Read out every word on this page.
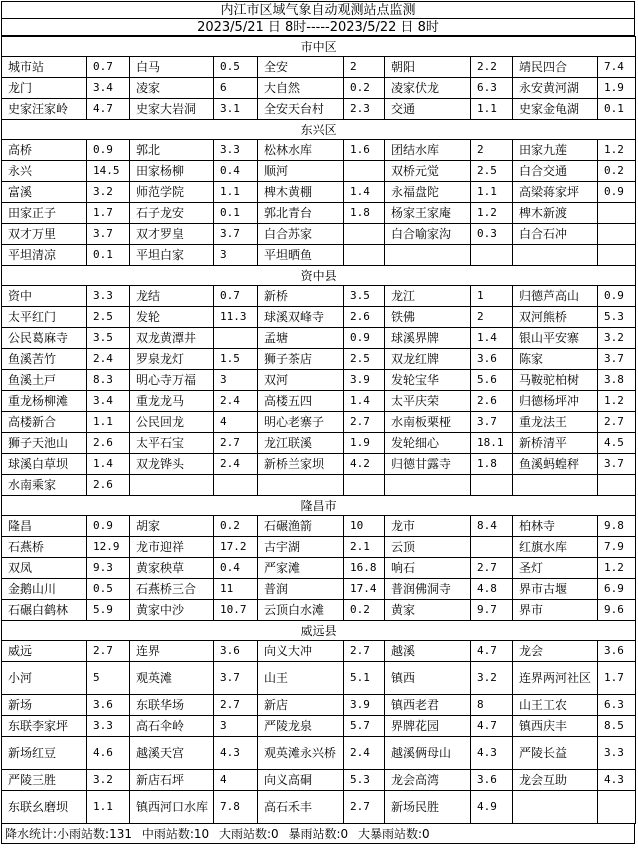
内江市区域气象自动观测站点监测
2023/5/21 日 8时-----2023/5/22 日 8时
市中区									
城市站	0.7	白马	0.5	全安	2	朝阳	2.2	靖民四合	7.4
龙门	3.4	凌家	6	大自然	0.2	凌家伏龙	6.3	永安黄河湖	1.9
史家汪家岭	4.7	史家大岩洞	3.1	全安天台村	2.3	交通	1.1	史家金龟湖	0.1
东兴区									
高桥	0.9	郭北	3.3	松林水库	1.6	团结水库	2	田家九莲	1.2
永兴	14.5	田家杨柳	0.4	顺河		双桥元觉	2.5	白合交通	0.2
富溪	3.2	师范学院	1.1	椑木黄棚	1.4	永福盘陀	1.1	高梁蒋家坪	0.9
田家正子	1.7	石子龙安	0.1	郭北青台	1.8	杨家王家庵	1.2	椑木新渡	
双才万里	3.7	双才罗皇	3.7	白合苏家		白合喻家沟	0.3	白合石冲	
平坦清凉	0.1	平坦白家	3	平坦晒鱼					
资中县									
资中	3.3	龙结	0.7	新桥	3.5	龙江	1	归德芦高山	0.9
太平红门	2.5	发轮	11.3	球溪双峰寺	2.6	铁佛	2	双河熊桥	5.3
公民葛麻寺	3.5	双龙黄潭井		孟塘	0.9	球溪界牌	1.4	银山平安寨	3.2
鱼溪苦竹	2.4	罗泉龙灯	1.5	狮子茶店	2.5	双龙红牌	3.6	陈家	3.7
鱼溪土戸	8.3	明心寺万福	3	双河	3.9	发轮宝华	5.6	马鞍驼柏树	3.8
重龙杨柳滩	3.4	重龙龙马	2.4	高楼五四	1.4	太平庆荣	2.6	归德杨坪冲	1.2
高楼新合	1.1	公民回龙	4	明心老寨子	2.7	水南板栗桠	3.7	重龙法王	2.7
狮子天池山	2.6	太平石宝	2.7	龙江联溪	1.9	发轮细心	18.1	新桥清平	4.5
球溪白草坝	1.4	双龙铧头	2.4	新桥兰家坝	4.2	归德甘露寺	1.8	鱼溪蚂蝗秤	3.7
水南乘家	2.6								
隆昌市									
隆昌	0.9	胡家	0.2	石碾渔箭	10	龙市	8.4	柏林寺	9.8
石燕桥	12.9	龙市迎祥	17.2	古宇湖	2.1	云顶		红旗水库	7.9
双凤	9.3	黄家秧草	0.4	严家滩	16.8	响石	2.7	圣灯	1.2
金鹅山川	0.5	石燕桥三合	11	普润	17.4	普润佛洞寺	4.8	界市古堰	6.9
石碾白鹤林	5.9	黄家中沙	10.7	云顶白水滩	0.2	黄家	9.7	界市	9.6
威远县									
威远	2.7	连界	3.6	向义大冲	2.7	越溪	4.7	龙会	3.6
小河	5	观英滩	3.7	山王	5.1	镇西	3.2	连界两河社区	1.7
新场	3.6	东联华场	2.7	新店	3.9	镇西老君	8	山王工农	6.3
东联李家坪	3.3	高石伞岭	3	严陵龙泉	5.7	界牌花园	4.7	镇西庆丰	8.5
新场红豆	4.6	越溪天宫	4.3	观英滩永兴桥	2.4	越溪俩母山	4.3	严陵长益	3.3
严陵三胜	3.2	新店石坪	4	向义高硐	5.3	龙会高湾	3.6	龙会互助	4.3
东联幺磨坝	1.1	镇西河口水库	7.8	高石禾丰	2.7	新场民胜	4.9		
降水统计:小雨站数:131 中雨站数:10 大雨站数:0 暴雨站数:0 大暴雨站数:0
